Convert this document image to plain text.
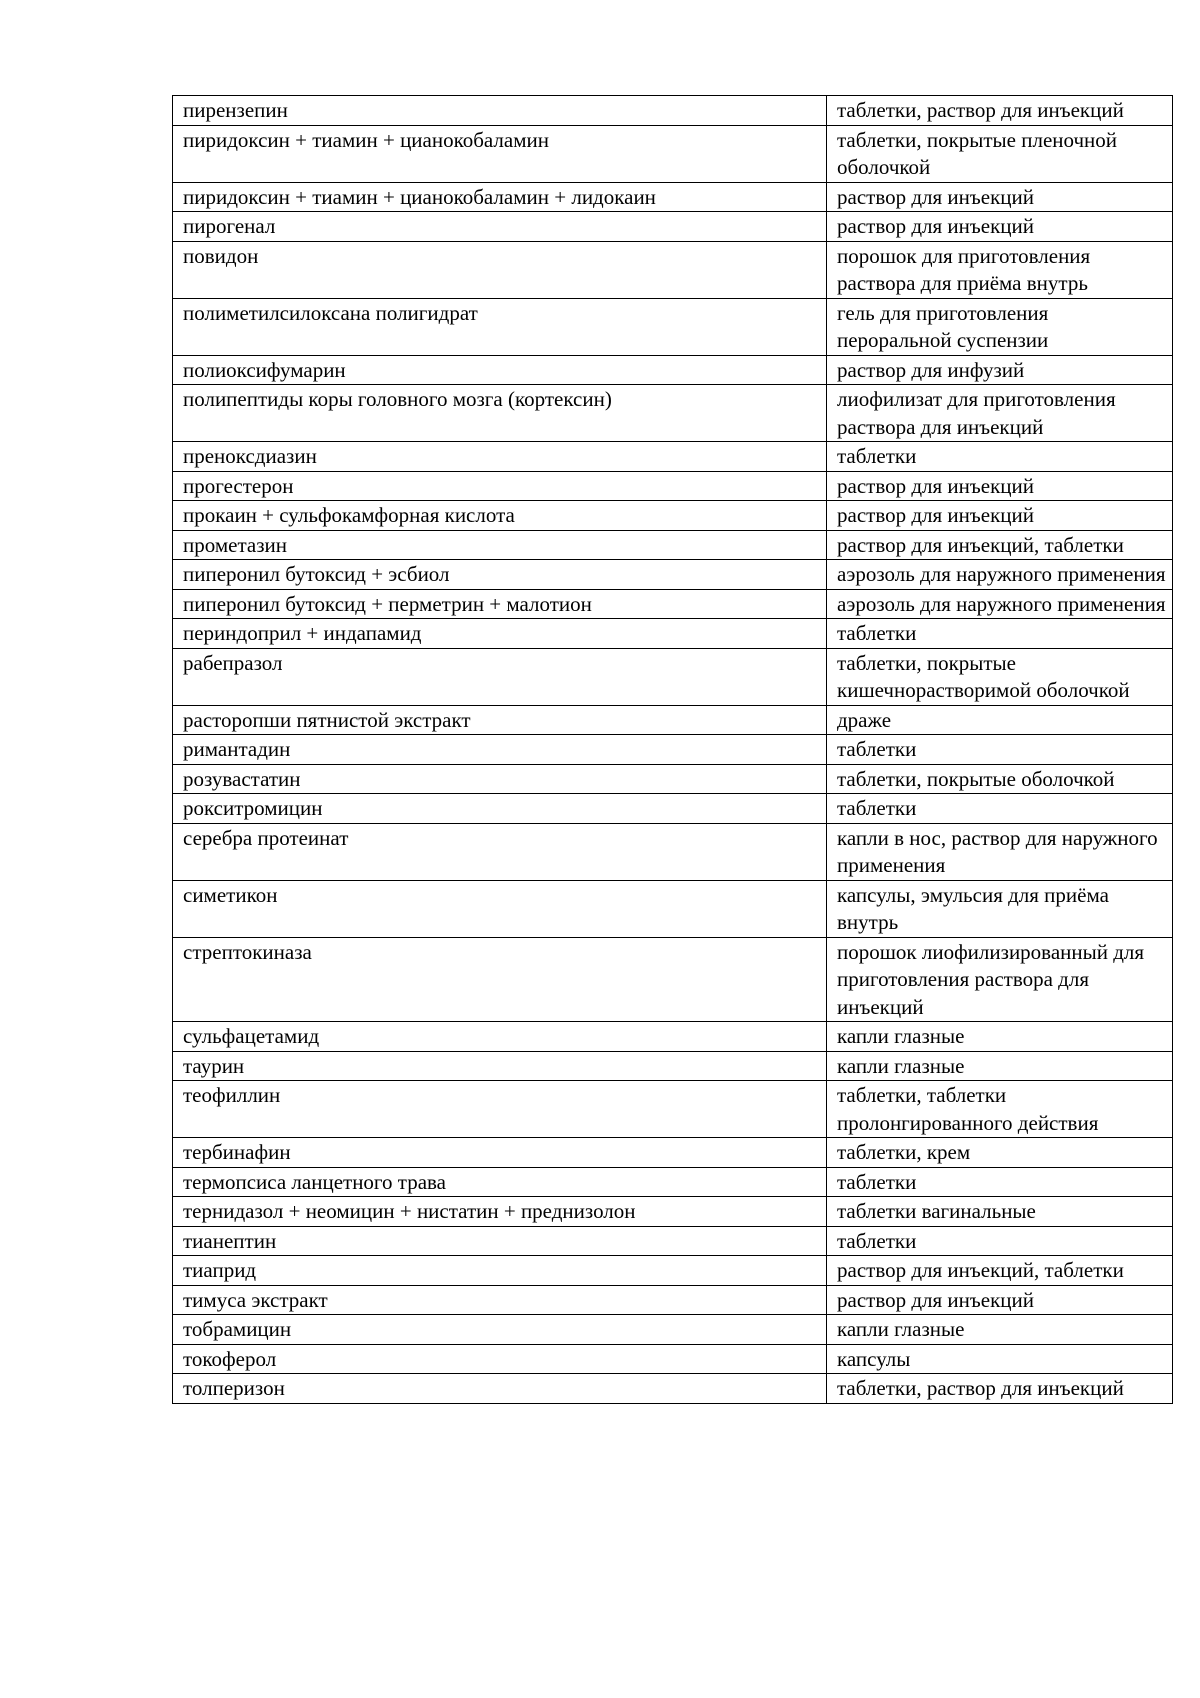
пирензепин	таблетки, раствор для инъекций
пиридоксин + тиамин + цианокобаламин	таблетки, покрытые пленочной оболочкой
пиридоксин + тиамин + цианокобаламин + лидокаин	раствор для инъекций
пирогенал	раствор для инъекций
повидон	порошок для приготовления раствора для приёма внутрь
полиметилсилоксана полигидрат	гель для приготовления пероральной суспензии
полиоксифумарин	раствор для инфузий
полипептиды коры головного мозга (кортексин)	лиофилизат для приготовления раствора для инъекций
преноксдиазин	таблетки
прогестерон	раствор для инъекций
прокаин + сульфокамфорная кислота	раствор для инъекций
прометазин	раствор для инъекций, таблетки
пиперонил бутоксид + эсбиол	аэрозоль для наружного применения
пиперонил бутоксид + перметрин + малотион	аэрозоль для наружного применения
периндоприл + индапамид	таблетки
рабепразол	таблетки, покрытые кишечнорастворимой оболочкой
расторопши пятнистой экстракт	драже
римантадин	таблетки
розувастатин	таблетки, покрытые оболочкой
рокситромицин	таблетки
серебра протеинат	капли в нос, раствор для наружного применения
симетикон	капсулы, эмульсия для приёма внутрь
стрептокиназа	порошок лиофилизированный для приготовления раствора для инъекций
сульфацетамид	капли глазные
таурин	капли глазные
теофиллин	таблетки, таблетки пролонгированного действия
тербинафин	таблетки, крем
термопсиса ланцетного трава	таблетки
тернидазол + неомицин + нистатин + преднизолон	таблетки вагинальные
тианептин	таблетки
тиаприд	раствор для инъекций, таблетки
тимуса экстракт	раствор для инъекций
тобрамицин	капли глазные
токоферол	капсулы
толперизон	таблетки, раствор для инъекций
